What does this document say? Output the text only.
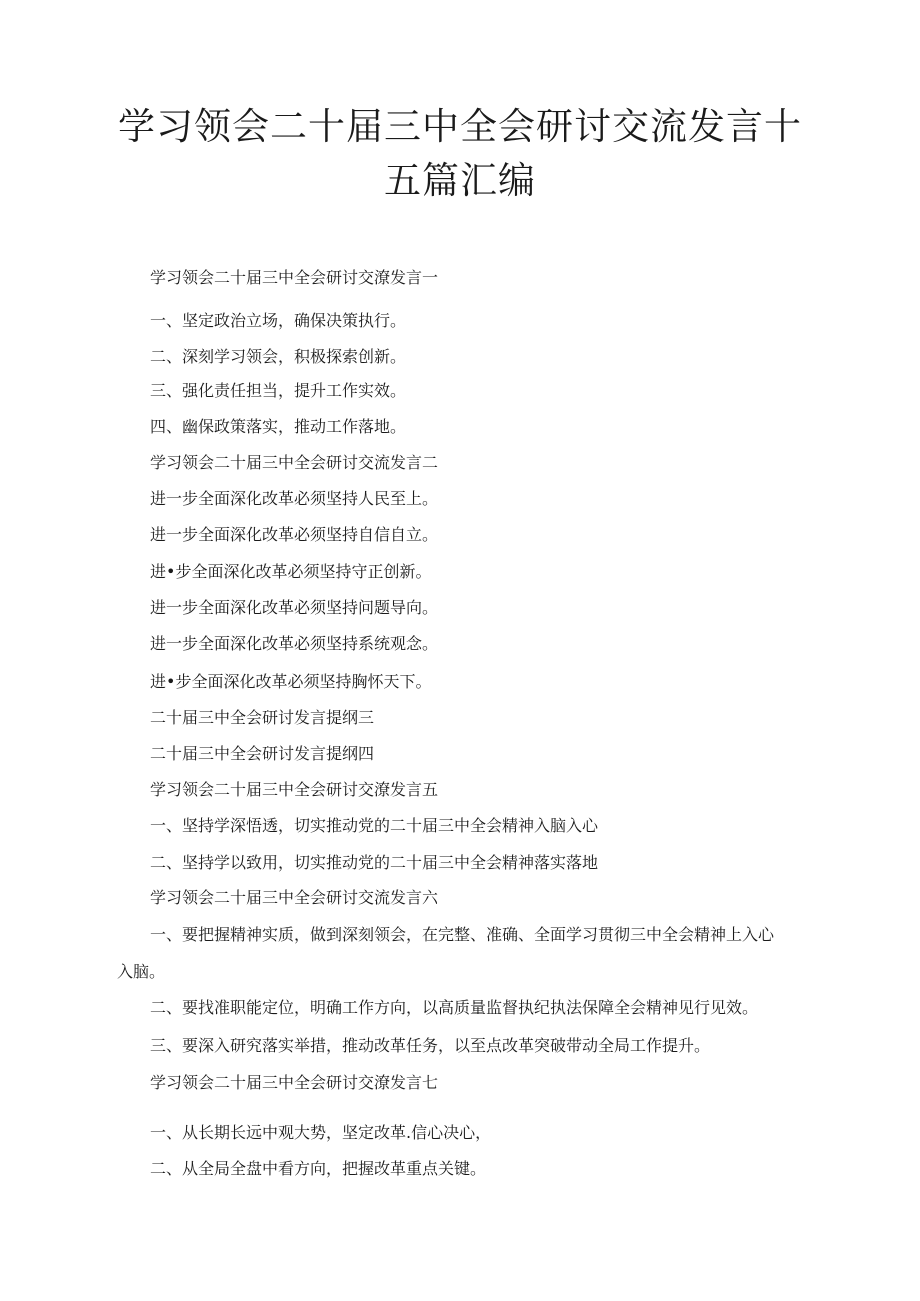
学习领会二十届三中全会研讨交流发言十
五篇汇编
学习领会二十届三中全会研讨交潦发言一
一、坚定政治立场，确保决策执行。
二、深刻学习领会，积极探索创新。
三、强化责任担当，提升工作实效。
四、幽保政策落实，推动工作落地。
学习领会二十届三中全会研讨交流发言二
进一步全面深化改革必须坚持人民至上。
进一步全面深化改革必须坚持自信自立。
进•步全面深化改革必须坚持守正创新。
进一步全面深化改革必须坚持问题导向。
进一步全面深化改革必须坚持系统观念。
进•步全面深化改革必须坚持胸怀天下。
二十届三中全会研讨发言提纲三
二十届三中全会研讨发言提纲四
学习领会二十届三中全会研讨交潦发言五
一、坚持学深悟透，切实推动党的二十届三中全会精神入脑入心
二、坚持学以致用，切实推动党的二十届三中全会精神落实落地
学习领会二十届三中全会研讨交流发言六
一、要把握精神实质，做到深刻领会，在完整、准确、全面学习贯彻三中全会精神上入心
入脑。
二、要找准职能定位，明确工作方向，以高质量监督执纪执法保障全会精神见行见效。
三、要深入研究落实举措，推动改革任务，以至点改革突破带动全局工作提升。
学习领会二十届三中全会研讨交潦发言七
一、从长期长远中观大势，坚定改革.信心决心，
二、从全局全盘中看方向，把握改革重点关键。
